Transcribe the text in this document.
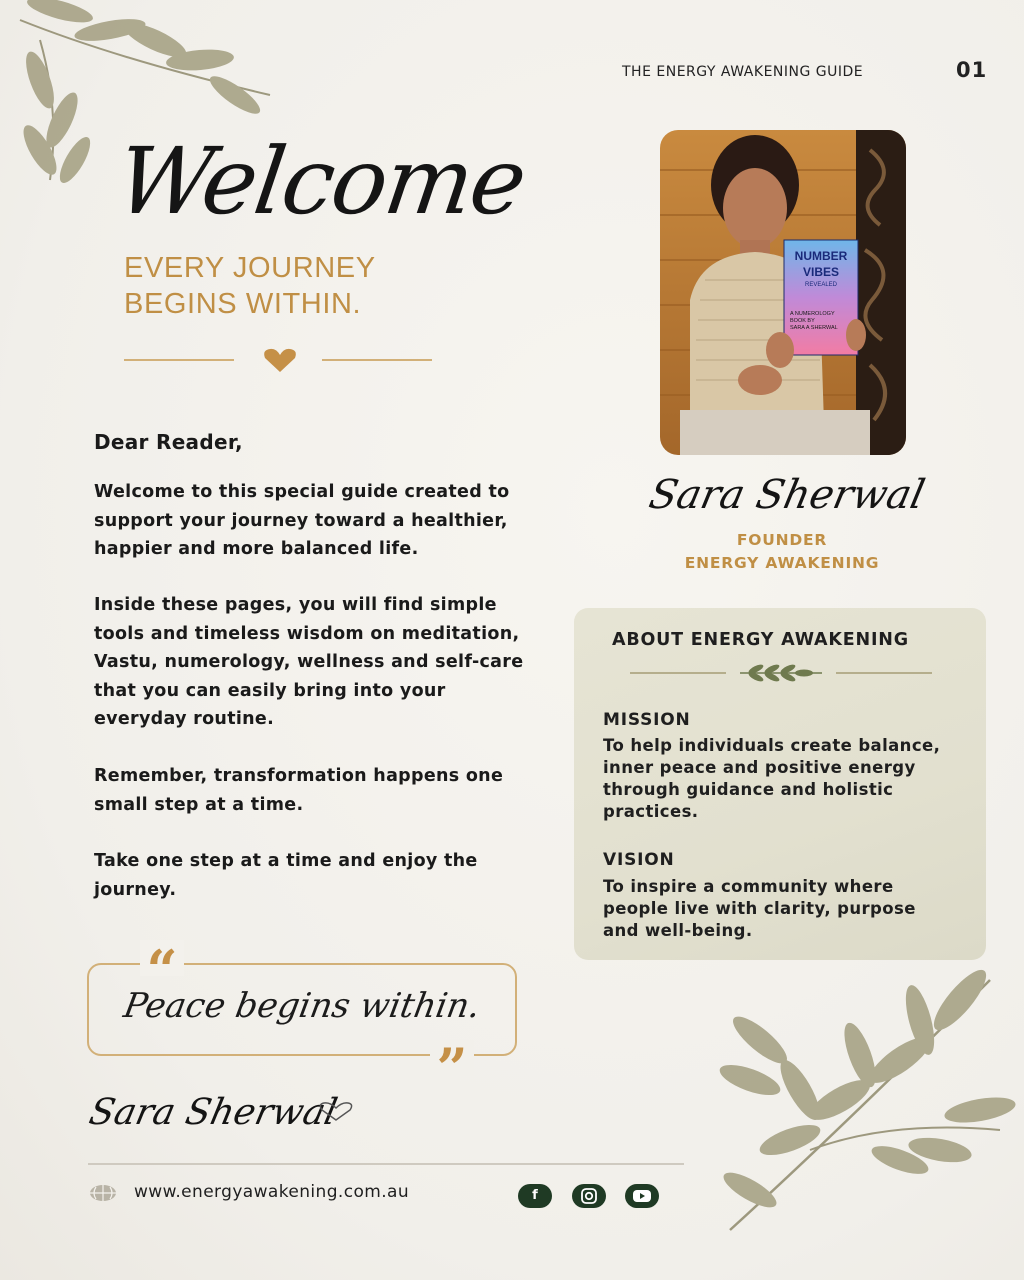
THE ENERGY AWAKENING GUIDE	01
Welcome
EVERY JOURNEY
BEGINS WITHIN.
Dear Reader,
Welcome to this special guide created to support your journey toward a healthier, happier and more balanced life.
Inside these pages, you will find simple tools and timeless wisdom on meditation, Vastu, numerology, wellness and self-care that you can easily bring into your everyday routine.
Remember, transformation happens one small step at a time.
Take one step at a time and enjoy the journey.
“
”
Peace begins within.
Sara Sherwal
www.energyawakening.com.au	f
NUMBER
VIBES
REVEALED
A NUMEROLOGY
BOOK BY
SARA A SHERWAL
Sara Sherwal
FOUNDER
ENERGY AWAKENING
ABOUT ENERGY AWAKENING
MISSION
To help individuals create balance, inner peace and positive energy through guidance and holistic practices.
VISION
To inspire a community where people live with clarity, purpose and well-being.
